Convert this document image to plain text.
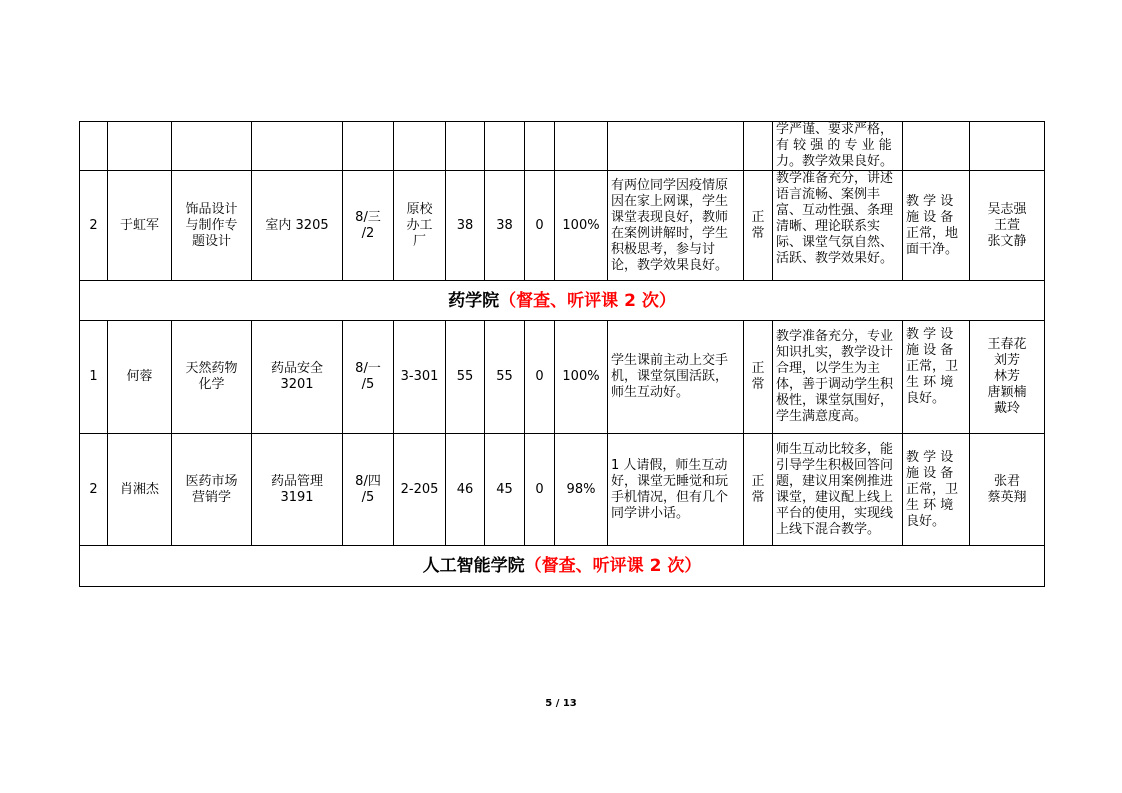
												学严谨、要求严格，
有 较 强 的 专 业 能
力。教学效果良好。		

2	于虹军	饰品设计
与制作专
题设计	室内 3205	8/三
/2	原校
办工
厂	38	38	0	100%	有两位同学因疫情原因在家上网课，学生课堂表现良好，教师在案例讲解时，学生积极思考，参与讨论，教学效果良好。	正常	教学准备充分，讲述语言流畅、案例丰富、互动性强、条理清晰、理论联系实际、课堂气氛自然、活跃、教学效果好。	教 学 设 施 设 备 正常，地面干净。	吴志强
王萱
张文静

药学院（督查、听评课 2 次）														
1	何蓉	天然药物
化学	药品安全
3201	8/一
/5	3-301	55	55	0	100%	学生课前主动上交手机，课堂氛围活跃，师生互动好。	正常	教学准备充分，专业知识扎实，教学设计合理，以学生为主体，善于调动学生积极性，课堂氛围好，学生满意度高。	教 学 设 施 设 备 正常，卫 生 环 境良好。	王春花
刘芳
林芳
唐颖楠
戴玲

2	肖湘杰	医药市场
营销学	药品管理
3191	8/四
/5	2-205	46	45	0	98%	1 人请假，师生互动好，课堂无睡觉和玩手机情况，但有几个同学讲小话。	正常	师生互动比较多，能引导学生积极回答问题，建议用案例推进课堂，建议配上线上平台的使用，实现线上线下混合教学。	教 学 设 施 设 备 正常，卫 生 环 境良好。	张君
蔡英翔

人工智能学院（督查、听评课 2 次）														
5 / 13
